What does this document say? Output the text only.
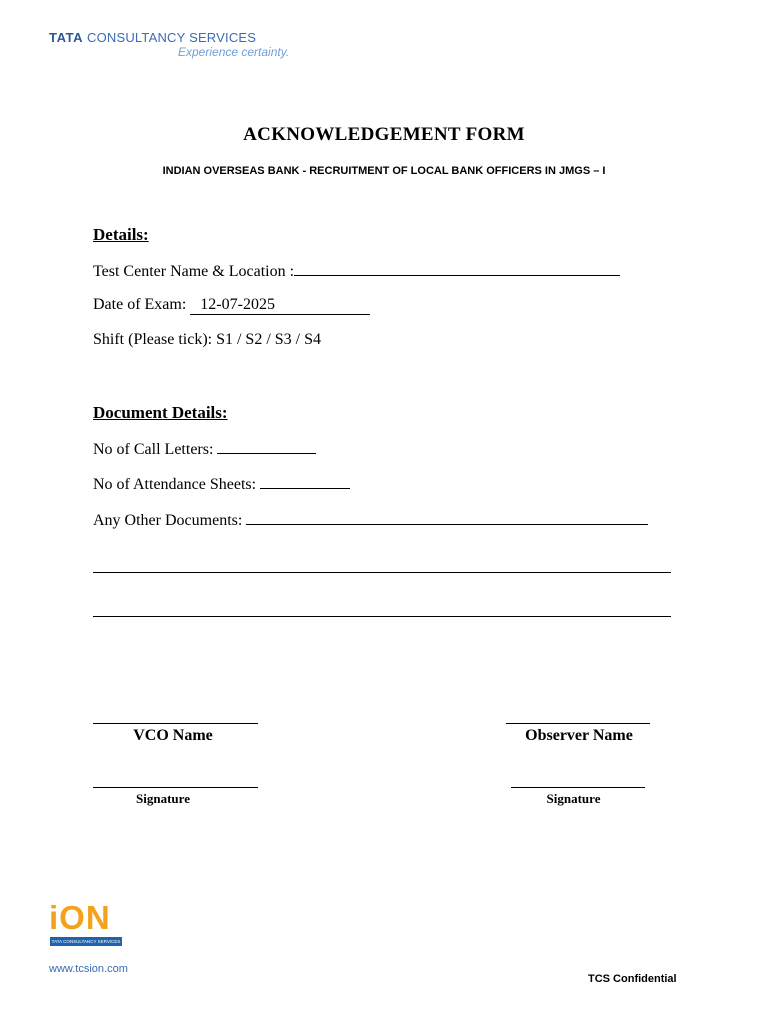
TATA CONSULTANCY SERVICES
Experience certainty.
ACKNOWLEDGEMENT FORM
INDIAN OVERSEAS BANK - RECRUITMENT OF LOCAL BANK OFFICERS IN JMGS – I
Details:
Test Center Name & Location :
Date of Exam: 12-07-2025
Shift (Please tick): S1 / S2 / S3 / S4
Document Details:
No of Call Letters:
No of Attendance Sheets:
Any Other Documents:
VCO Name	Observer Name
Signature	Signature
iON
TATA CONSULTANCY SERVICES
www.tcsion.com
TCS Confidential
